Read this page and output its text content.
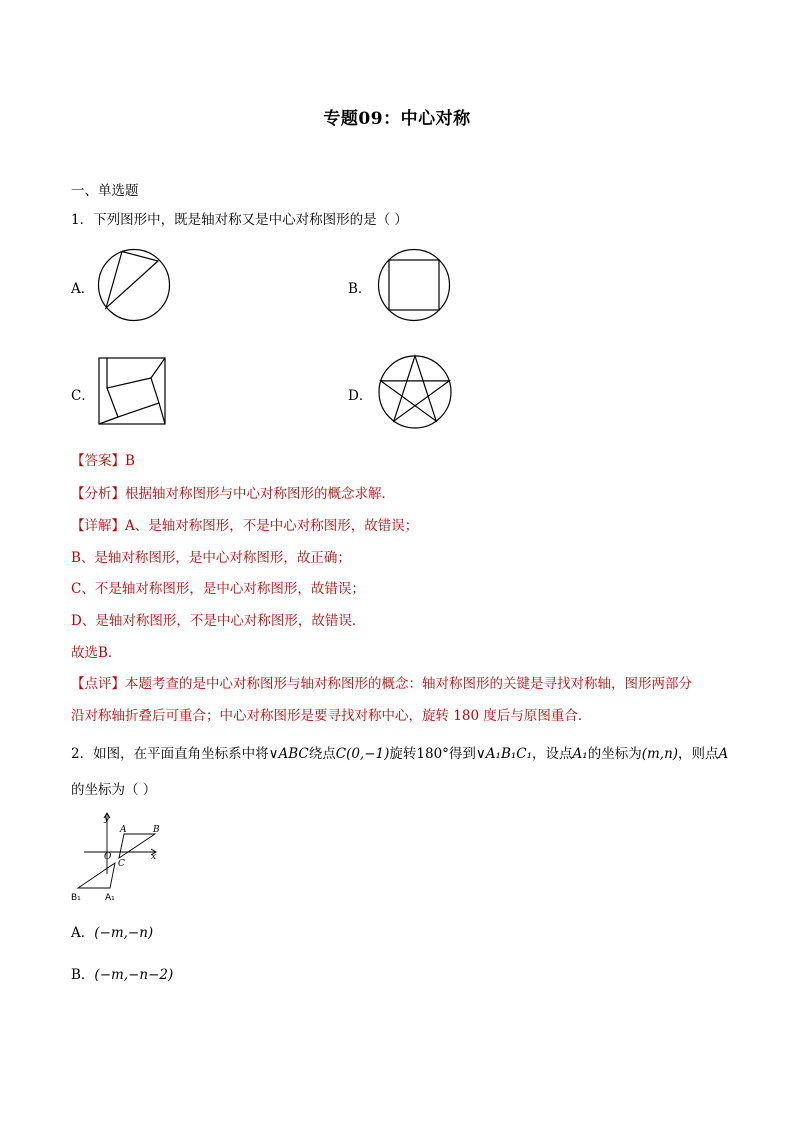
专题09：中心对称
一、单选题
1．下列图形中，既是轴对称又是中心对称图形的是（ ）
A．	B．
C．	D．
【答案】B
【分析】根据轴对称图形与中心对称图形的概念求解．
【详解】A、是轴对称图形，不是中心对称图形，故错误；
B、是轴对称图形，是中心对称图形，故正确；
C、不是轴对称图形，是中心对称图形，故错误；
D、是轴对称图形，不是中心对称图形，故错误．
故选B．
【点评】本题考查的是中心对称图形与轴对称图形的概念：轴对称图形的关键是寻找对称轴，图形两部分
沿对称轴折叠后可重合；中心对称图形是要寻找对称中心，旋转 180 度后与原图重合．
2．如图，在平面直角坐标系中将∨ABC绕点C(0,−1)旋转180°得到∨A₁B₁C₁，设点A₁的坐标为(m,n)，则点A
的坐标为（ ）
y
x
O
A	B
C
B₁	A₁
A．(−m,−n)
B．(−m,−n−2)
